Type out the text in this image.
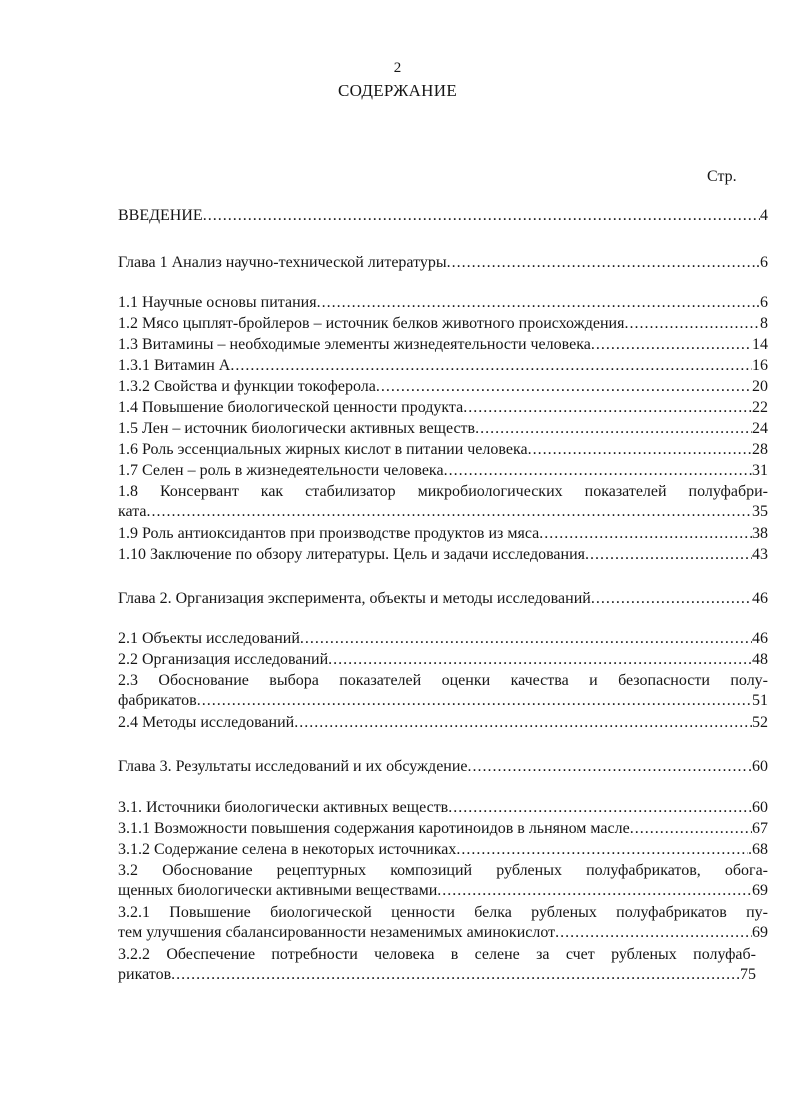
2
СОДЕРЖАНИЕ
Стр.
ВВЕДЕНИЕ .....	4
Глава 1 Анализ научно-технической литературы .....	.6
1.1 Научные основы питания .....	.6
1.2 Мясо цыплят-бройлеров – источник белков животного происхождения .....	8
1.3 Витамины – необходимые элементы жизнедеятельности человека .....	14
1.3.1 Витамин А .....	16
1.3.2 Свойства и функции токоферола .....	20
1.4 Повышение биологической ценности продукта .....	22
1.5 Лен – источник биологически активных веществ .....	24
1.6 Роль эссенциальных жирных кислот в питании человека .....	28
1.7 Селен – роль в жизнедеятельности человека .....	31
1.8 Консервант как стабилизатор микробиологических показателей полуфабри-
ката .....	35
1.9 Роль антиоксидантов при производстве продуктов из мяса .....	38
1.10 Заключение по обзору литературы. Цель и задачи исследования .....	43
Глава 2. Организация эксперимента, объекты и методы исследований .....	46
2.1 Объекты исследований .....	46
2.2 Организация исследований .....	.48
2.3 Обоснование выбора показателей оценки качества и безопасности полу-
фабрикатов .....	51
2.4 Методы исследований .....	52
Глава 3. Результаты исследований и их обсуждение .....	.60
3.1. Источники биологически активных веществ .....	60
3.1.1 Возможности повышения содержания каротиноидов в льняном масле .....	67
3.1.2 Содержание селена в некоторых источниках .....	.68
3.2 Обоснование рецептурных композиций рубленых полуфабрикатов, обога-
щенных биологически активными веществами .....	69
3.2.1 Повышение биологической ценности белка рубленых полуфабрикатов пу-
тем улучшения сбалансированности незаменимых аминокислот .....	69
3.2.2 Обеспечение потребности человека в селене за счет рубленых полуфаб-
рикатов .....	75
